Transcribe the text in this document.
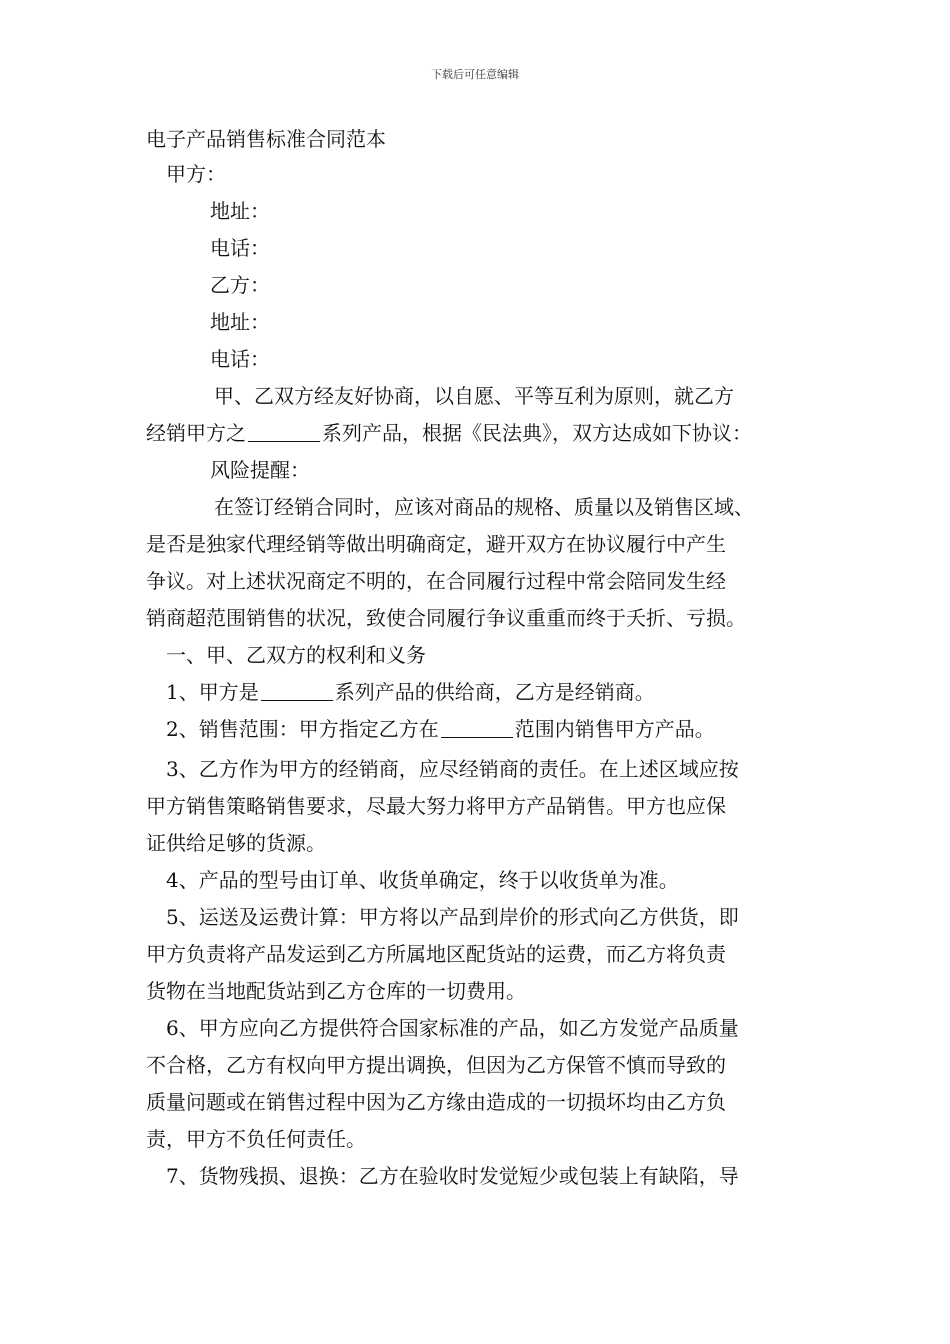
下载后可任意编辑
电子产品销售标准合同范本
甲方：
地址：
电话：
乙方：
地址：
电话：
甲、乙双方经友好协商，以自愿、平等互利为原则，就乙方
经销甲方之	系列产品，根据《民法典》，双方达成如下协议：
风险提醒：
在签订经销合同时，应该对商品的规格、质量以及销售区域、
是否是独家代理经销等做出明确商定，避开双方在协议履行中产生
争议。对上述状况商定不明的，在合同履行过程中常会陪同发生经
销商超范围销售的状况，致使合同履行争议重重而终于夭折、亏损。
一、甲、乙双方的权利和义务
1、甲方是	系列产品的供给商，乙方是经销商。
2、销售范围：甲方指定乙方在	范围内销售甲方产品。
3、乙方作为甲方的经销商，应尽经销商的责任。在上述区域应按
甲方销售策略销售要求，尽最大努力将甲方产品销售。甲方也应保
证供给足够的货源。
4、产品的型号由订单、收货单确定，终于以收货单为准。
5、运送及运费计算：甲方将以产品到岸价的形式向乙方供货，即
甲方负责将产品发运到乙方所属地区配货站的运费，而乙方将负责
货物在当地配货站到乙方仓库的一切费用。
6、甲方应向乙方提供符合国家标准的产品，如乙方发觉产品质量
不合格，乙方有权向甲方提出调换，但因为乙方保管不慎而导致的
质量问题或在销售过程中因为乙方缘由造成的一切损坏均由乙方负
责，甲方不负任何责任。
7、货物残损、退换：乙方在验收时发觉短少或包装上有缺陷，导
